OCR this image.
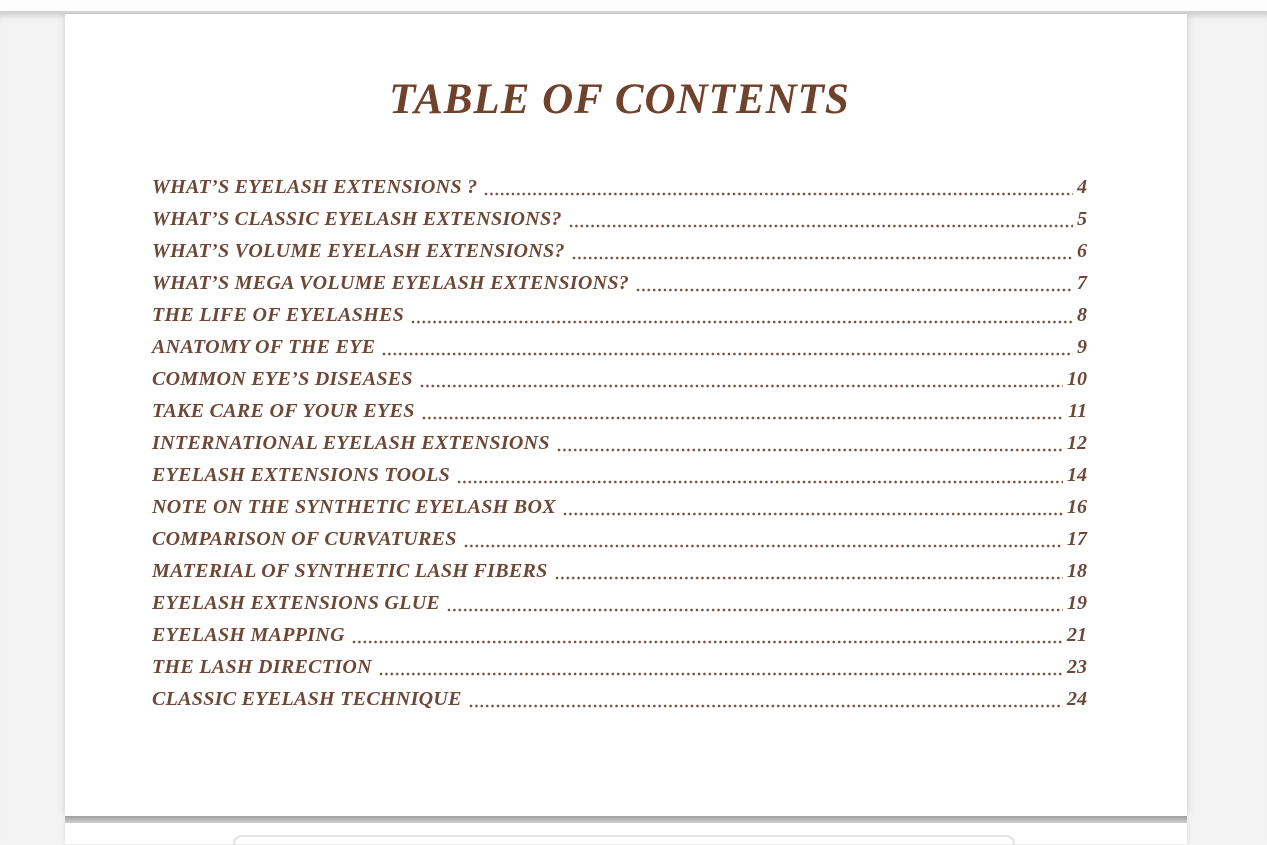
TABLE OF CONTENTS
WHAT’S EYELASH EXTENSIONS ?	4
WHAT’S CLASSIC EYELASH EXTENSIONS?	5
WHAT’S VOLUME EYELASH EXTENSIONS?	6
WHAT’S MEGA VOLUME EYELASH EXTENSIONS?	7
THE LIFE OF EYELASHES	8
ANATOMY OF THE EYE	9
COMMON EYE’S DISEASES	10
TAKE CARE OF YOUR EYES	11
INTERNATIONAL EYELASH EXTENSIONS	12
EYELASH EXTENSIONS TOOLS	14
NOTE ON THE SYNTHETIC EYELASH BOX	16
COMPARISON OF CURVATURES	17
MATERIAL OF SYNTHETIC LASH FIBERS	18
EYELASH EXTENSIONS GLUE	19
EYELASH MAPPING	21
THE LASH DIRECTION	23
CLASSIC EYELASH TECHNIQUE	24
